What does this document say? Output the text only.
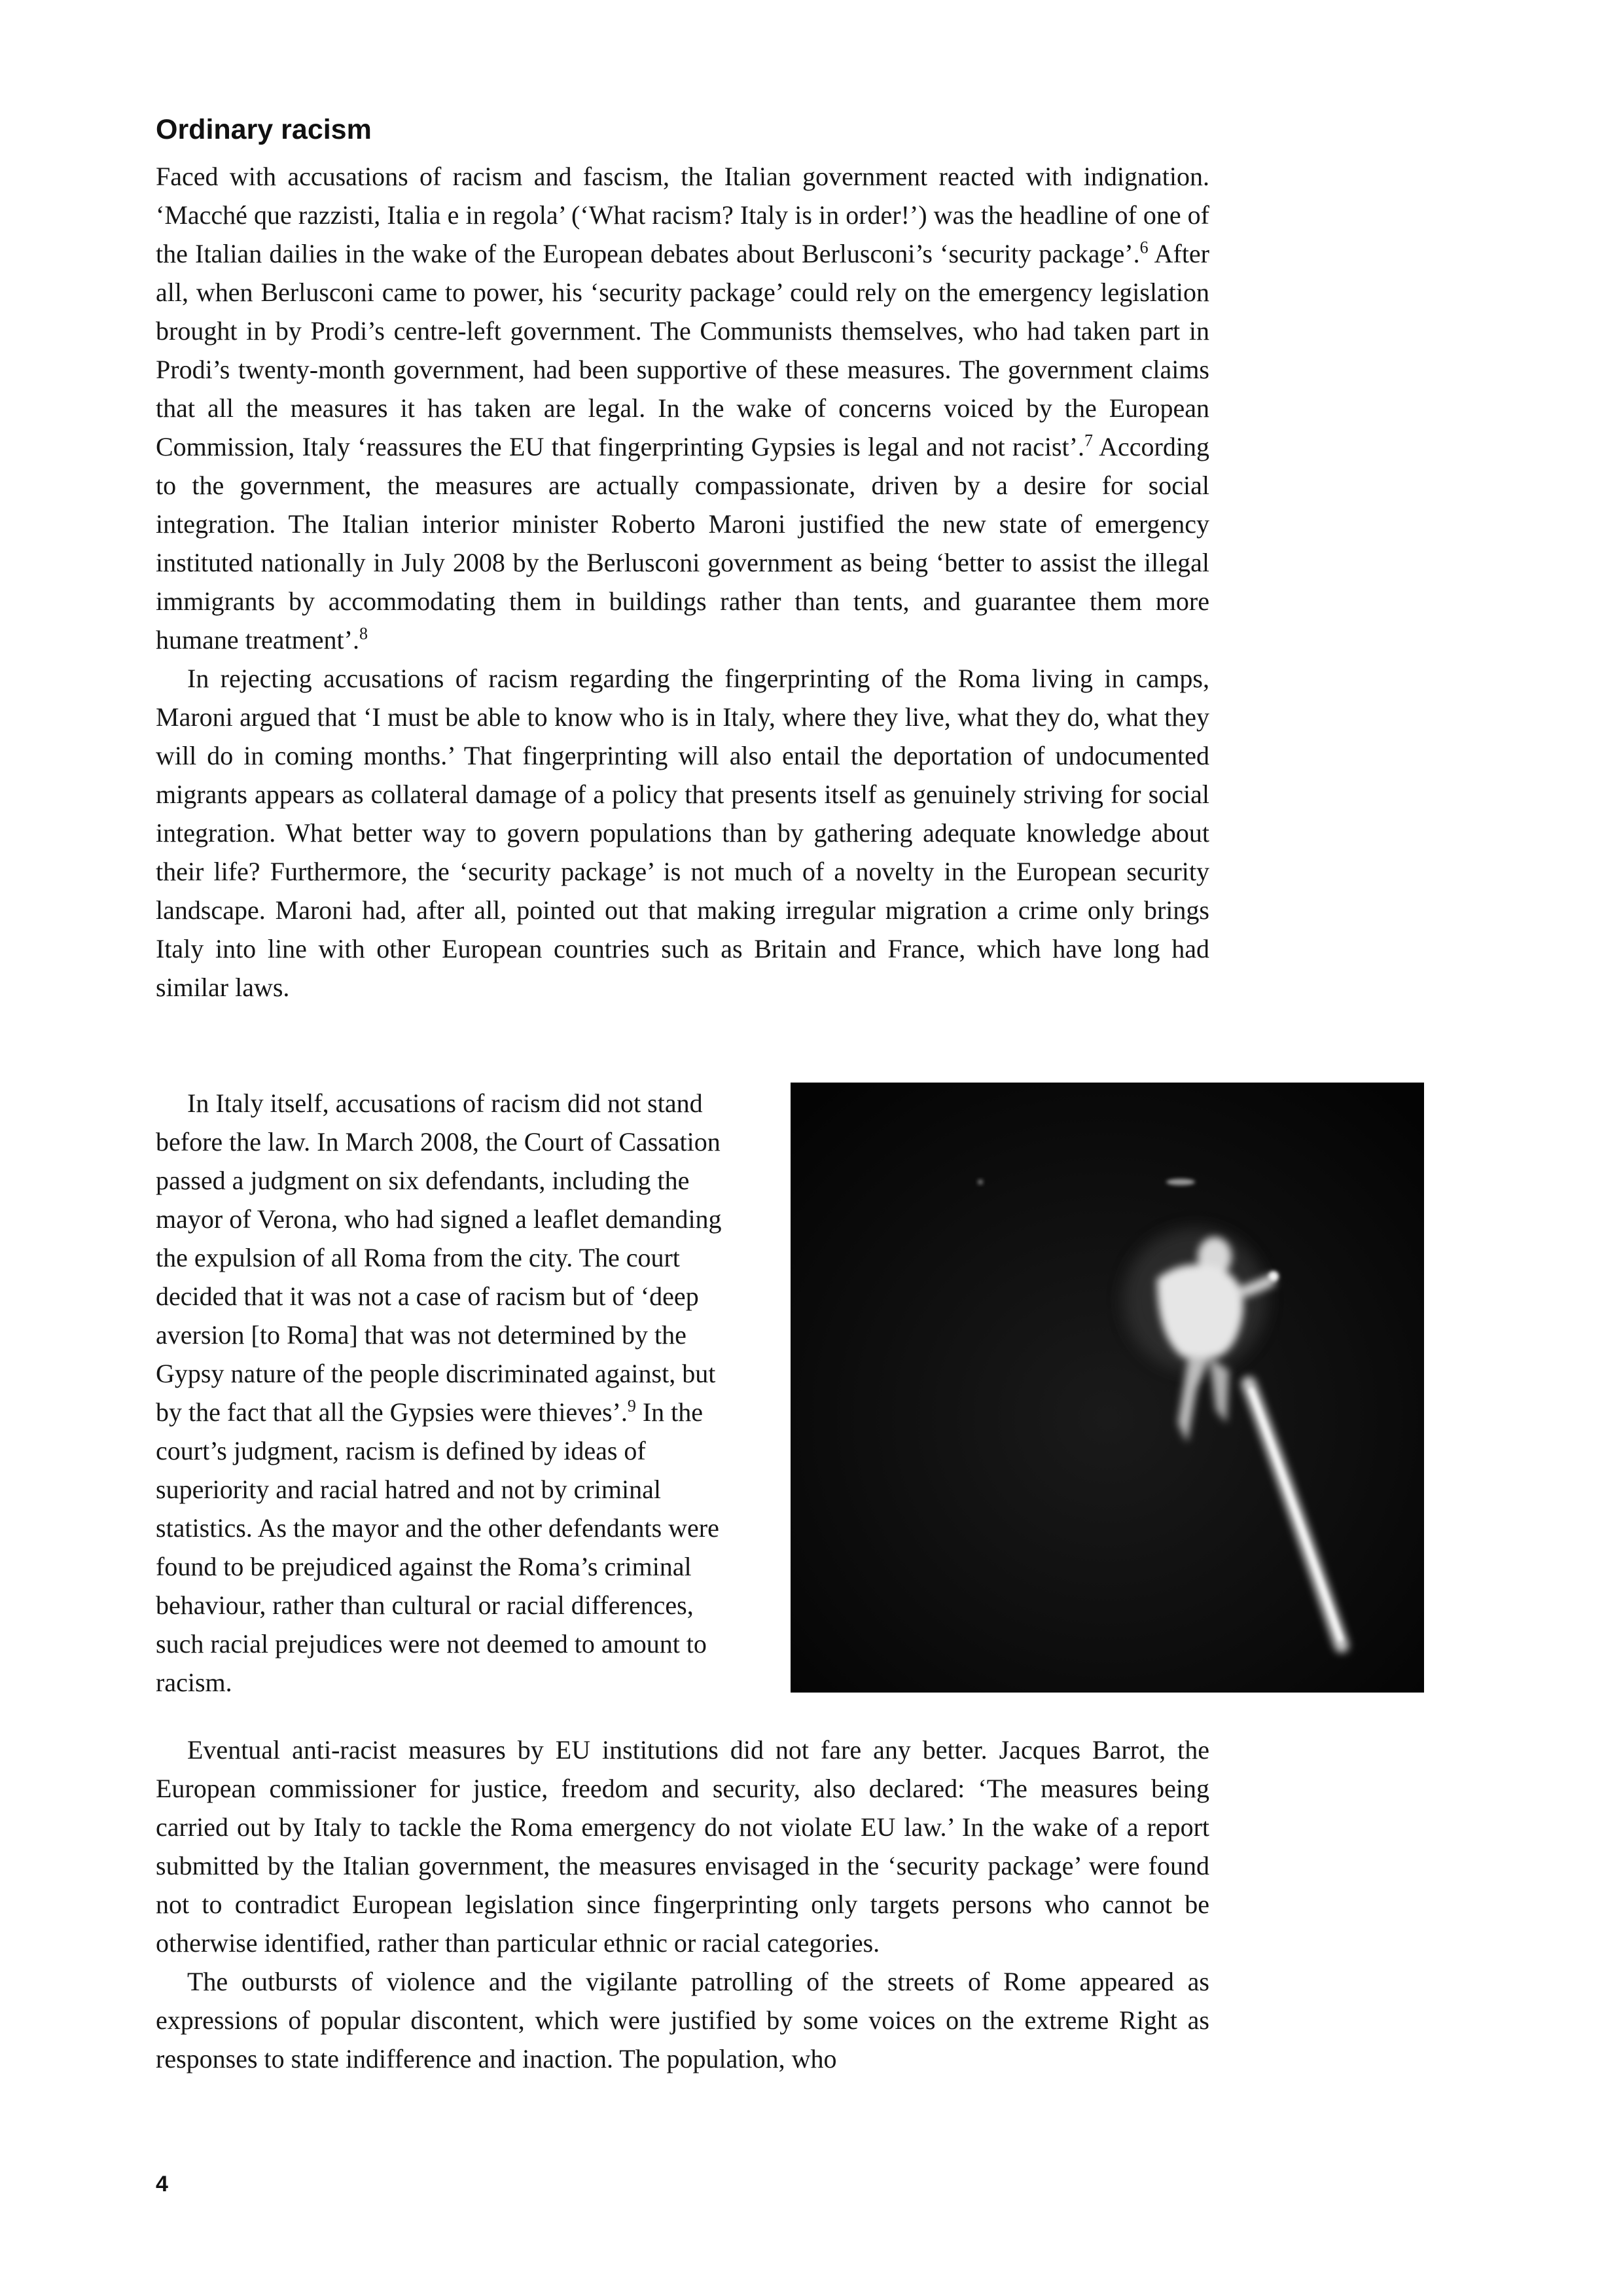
Ordinary racism

Faced with accusations of racism and fascism, the Italian government reacted with indignation. ‘Macché que razzisti, Italia e in regola’ (‘What racism? Italy is in order!’) was the headline of one of the Italian dailies in the wake of the European debates about Berlusconi’s ‘security package’.$^6$ After all, when Berlusconi came to power, his ‘security package’ could rely on the emergency legislation brought in by Prodi’s centre-left government. The Communists themselves, who had taken part in Prodi’s twenty-month government, had been supportive of these measures. The government claims that all the measures it has taken are legal. In the wake of concerns voiced by the European Commission, Italy ‘reassures the EU that fingerprinting Gypsies is legal and not racist’.$^7$ According to the government, the measures are actually compassionate, driven by a desire for social integration. The Italian interior minister Roberto Maroni justified the new state of emergency instituted nationally in July 2008 by the Berlusconi government as being ‘better to assist the illegal immigrants by accommodating them in buildings rather than tents, and guarantee them more humane treatment’.$^8$

In rejecting accusations of racism regarding the fingerprinting of the Roma living in camps, Maroni argued that ‘I must be able to know who is in Italy, where they live, what they do, what they will do in coming months.’ That fingerprinting will also entail the deportation of undocumented migrants appears as collateral damage of a policy that presents itself as genuinely striving for social integration. What better way to govern populations than by gathering adequate knowledge about their life? Furthermore, the ‘security package’ is not much of a novelty in the European security landscape. Maroni had, after all, pointed out that making irregular migration a crime only brings Italy into line with other European countries such as Britain and France, which have long had similar laws.

In Italy itself, accusations of racism did not stand before the law. In March 2008, the Court of Cassation passed a judgment on six defendants, including the mayor of Verona, who had signed a leaflet demanding the expulsion of all Roma from the city. The court decided that it was not a case of racism but of ‘deep aversion [to Roma] that was not determined by the Gypsy nature of the people discriminated against, but by the fact that all the Gypsies were thieves’.$^9$ In the court’s judgment, racism is defined by ideas of superiority and racial hatred and not by criminal statistics. As the mayor and the other defendants were found to be prejudiced against the Roma’s criminal behaviour, rather than cultural or racial differences, such racial prejudices were not deemed to amount to racism.

Eventual anti-racist measures by EU institutions did not fare any better. Jacques Barrot, the European commissioner for justice, freedom and security, also declared: ‘The measures being carried out by Italy to tackle the Roma emergency do not violate EU law.’ In the wake of a report submitted by the Italian government, the measures envisaged in the ‘security package’ were found not to contradict European legislation since fingerprinting only targets persons who cannot be otherwise identified, rather than particular ethnic or racial categories.

The outbursts of violence and the vigilante patrolling of the streets of Rome appeared as expressions of popular discontent, which were justified by some voices on the extreme Right as responses to state indifference and inaction. The population, who

4
